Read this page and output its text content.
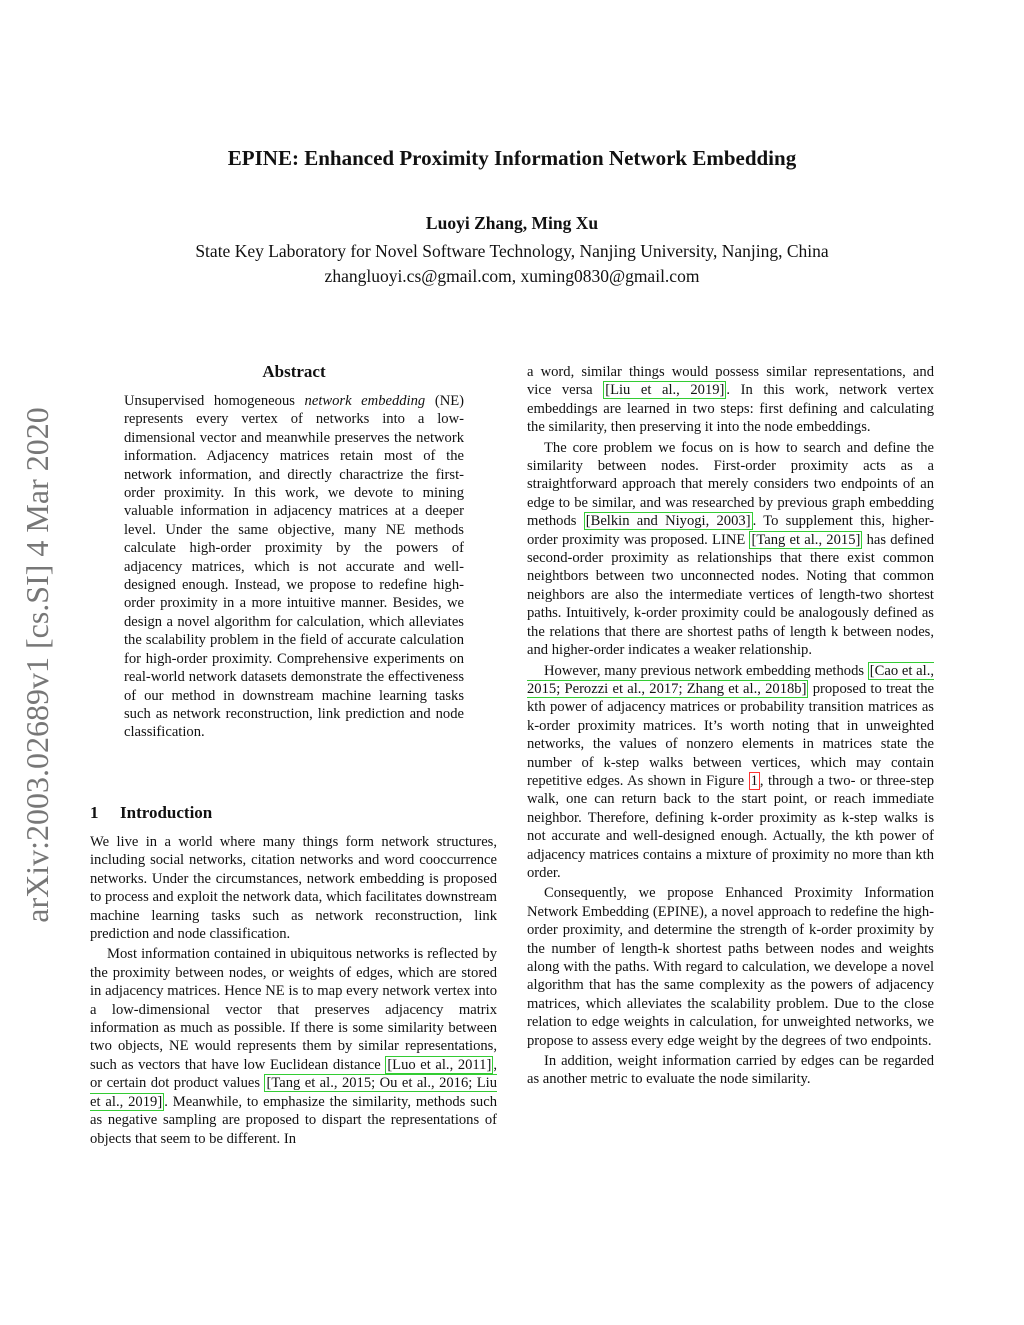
EPINE: Enhanced Proximity Information Network Embedding
Luoyi Zhang, Ming Xu
State Key Laboratory for Novel Software Technology, Nanjing University, Nanjing, China
zhangluoyi.cs@gmail.com, xuming0830@gmail.com
arXiv:2003.02689v1 [cs.SI] 4 Mar 2020
Abstract
Unsupervised homogeneous network embedding (NE) represents every vertex of networks into a low-dimensional vector and meanwhile preserves the network information. Adjacency matrices retain most of the network information, and directly charactrize the first-order proximity. In this work, we devote to mining valuable information in adjacency matrices at a deeper level. Under the same objective, many NE methods calculate high-order proximity by the powers of adjacency matrices, which is not accurate and well-designed enough. Instead, we propose to redefine high-order proximity in a more intuitive manner. Besides, we design a novel algorithm for calculation, which alleviates the scalability problem in the field of accurate calculation for high-order proximity. Comprehensive experiments on real-world network datasets demonstrate the effectiveness of our method in downstream machine learning tasks such as network reconstruction, link prediction and node classification.
1 Introduction

We live in a world where many things form network structures, including social networks, citation networks and word cooccurrence networks. Under the circumstances, network embedding is proposed to process and exploit the network data, which facilitates downstream machine learning tasks such as network reconstruction, link prediction and node classification.

Most information contained in ubiquitous networks is reflected by the proximity between nodes, or weights of edges, which are stored in adjacency matrices. Hence NE is to map every network vertex into a low-dimensional vector that preserves adjacency matrix information as much as possible. If there is some similarity between two objects, NE would represents them by similar representations, such as vectors that have low Euclidean distance [Luo et al., 2011] , or certain dot product values [Tang et al., 2015; Ou et al., 2016; Liu et al., 2019] . Meanwhile, to emphasize the similarity, methods such as negative sampling are proposed to dispart the representations of objects that seem to be different. In

a word, similar things would possess similar representations, and vice versa [Liu et al., 2019] . In this work, network vertex embeddings are learned in two steps: first defining and calculating the similarity, then preserving it into the node embeddings.

The core problem we focus on is how to search and define the similarity between nodes. First-order proximity acts as a straightforward approach that merely considers two endpoints of an edge to be similar, and was researched by previous graph embedding methods [Belkin and Niyogi, 2003] . To supplement this, higher-order proximity was proposed. LINE [Tang et al., 2015] has defined second-order proximity as relationships that there exist common neightbors between two unconnected nodes. Noting that common neighbors are also the intermediate vertices of length-two shortest paths. Intuitively, k-order proximity could be analogously defined as the relations that there are shortest paths of length k between nodes, and higher-order indicates a weaker relationship.

However, many previous network embedding methods [Cao et al., 2015; Perozzi et al., 2017; Zhang et al., 2018b] proposed to treat the kth power of adjacency matrices or probability transition matrices as k-order proximity matrices. It’s worth noting that in unweighted networks, the values of nonzero elements in matrices state the number of k-step walks between vertices, which may contain repetitive edges. As shown in Figure 1 , through a two- or three-step walk, one can return back to the start point, or reach immediate neighbor. Therefore, defining k-order proximity as k-step walks is not accurate and well-designed enough. Actually, the kth power of adjacency matrices contains a mixture of proximity no more than kth order.

Consequently, we propose Enhanced Proximity Information Network Embedding (EPINE), a novel approach to redefine the high-order proximity, and determine the strength of k-order proximity by the number of length-k shortest paths between nodes and weights along with the paths. With regard to calculation, we develope a novel algorithm that has the same complexity as the powers of adjacency matrices, which alleviates the scalability problem. Due to the close relation to edge weights in calculation, for unweighted networks, we propose to assess every edge weight by the degrees of two endpoints.

In addition, weight information carried by edges can be regarded as another metric to evaluate the node similarity.
